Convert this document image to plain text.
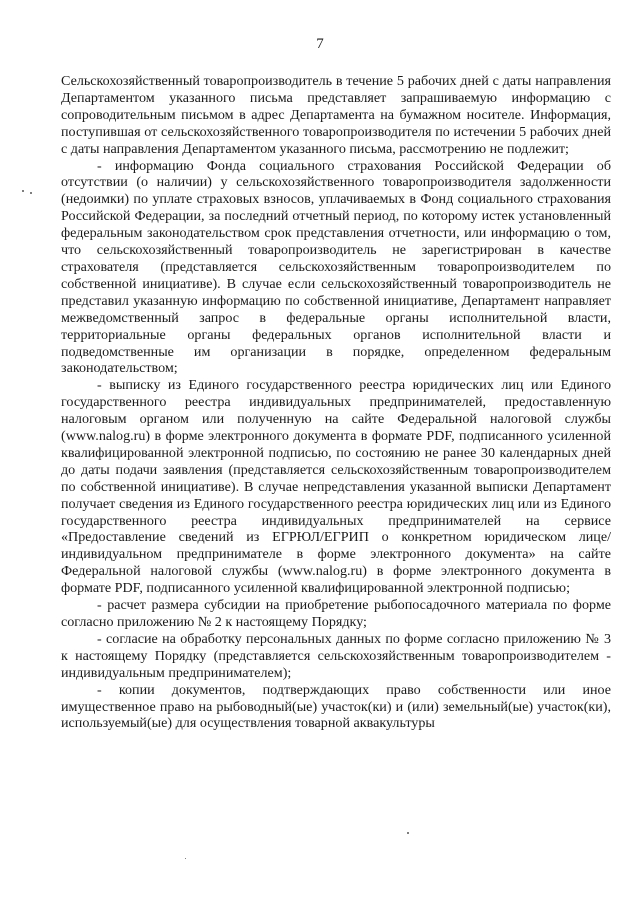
7

Сельскохозяйственный товаропроизводитель в течение 5 рабочих дней с даты направления Департаментом указанного письма представляет запрашиваемую информацию с сопроводительным письмом в адрес Департамента на бумажном носителе. Информация, поступившая от сельскохозяйственного товаропроизводителя по истечении 5 рабочих дней с даты направления Департаментом указанного письма, рассмотрению не подлежит;

- информацию Фонда социального страхования Российской Федерации об отсутствии (о наличии) у сельскохозяйственного товаропроизводителя задолженности (недоимки) по уплате страховых взносов, уплачиваемых в Фонд социального страхования Российской Федерации, за последний отчетный период, по которому истек установленный федеральным законодательством срок представления отчетности, или информацию о том, что сельскохозяйственный товаропроизводитель не зарегистрирован в качестве страхователя (представляется сельскохозяйственным товаропроизводителем по собственной инициативе). В случае если сельскохозяйственный товаропроизводитель не представил указанную информацию по собственной инициативе, Департамент направляет межведомственный запрос в федеральные органы исполнительной власти, территориальные органы федеральных органов исполнительной власти и подведомственные им организации в порядке, определенном федеральным законодательством;

- выписку из Единого государственного реестра юридических лиц или Единого государственного реестра индивидуальных предпринимателей, предоставленную налоговым органом или полученную на сайте Федеральной налоговой службы (www.nalog.ru) в форме электронного документа в формате PDF, подписанного усиленной квалифицированной электронной подписью, по состоянию не ранее 30 календарных дней до даты подачи заявления (представляется сельскохозяйственным товаропроизводителем по собственной инициативе). В случае непредставления указанной выписки Департамент получает сведения из Единого государственного реестра юридических лиц или из Единого государственного реестра индивидуальных предпринимателей на сервисе «Предоставление сведений из ЕГРЮЛ/ЕГРИП о конкретном юридическом лице/индивидуальном предпринимателе в форме электронного документа» на сайте Федеральной налоговой службы (www.nalog.ru) в форме электронного документа в формате PDF, подписанного усиленной квалифицированной электронной подписью;

- расчет размера субсидии на приобретение рыбопосадочного материала по форме согласно приложению № 2 к настоящему Порядку;

- согласие на обработку персональных данных по форме согласно приложению № 3 к настоящему Порядку (представляется сельскохозяйственным товаропроизводителем - индивидуальным предпринимателем);

- копии документов, подтверждающих право собственности или иное имущественное право на рыбоводный(ые) участок(ки) и (или) земельный(ые) участок(ки), используемый(ые) для осуществления товарной аквакультуры
